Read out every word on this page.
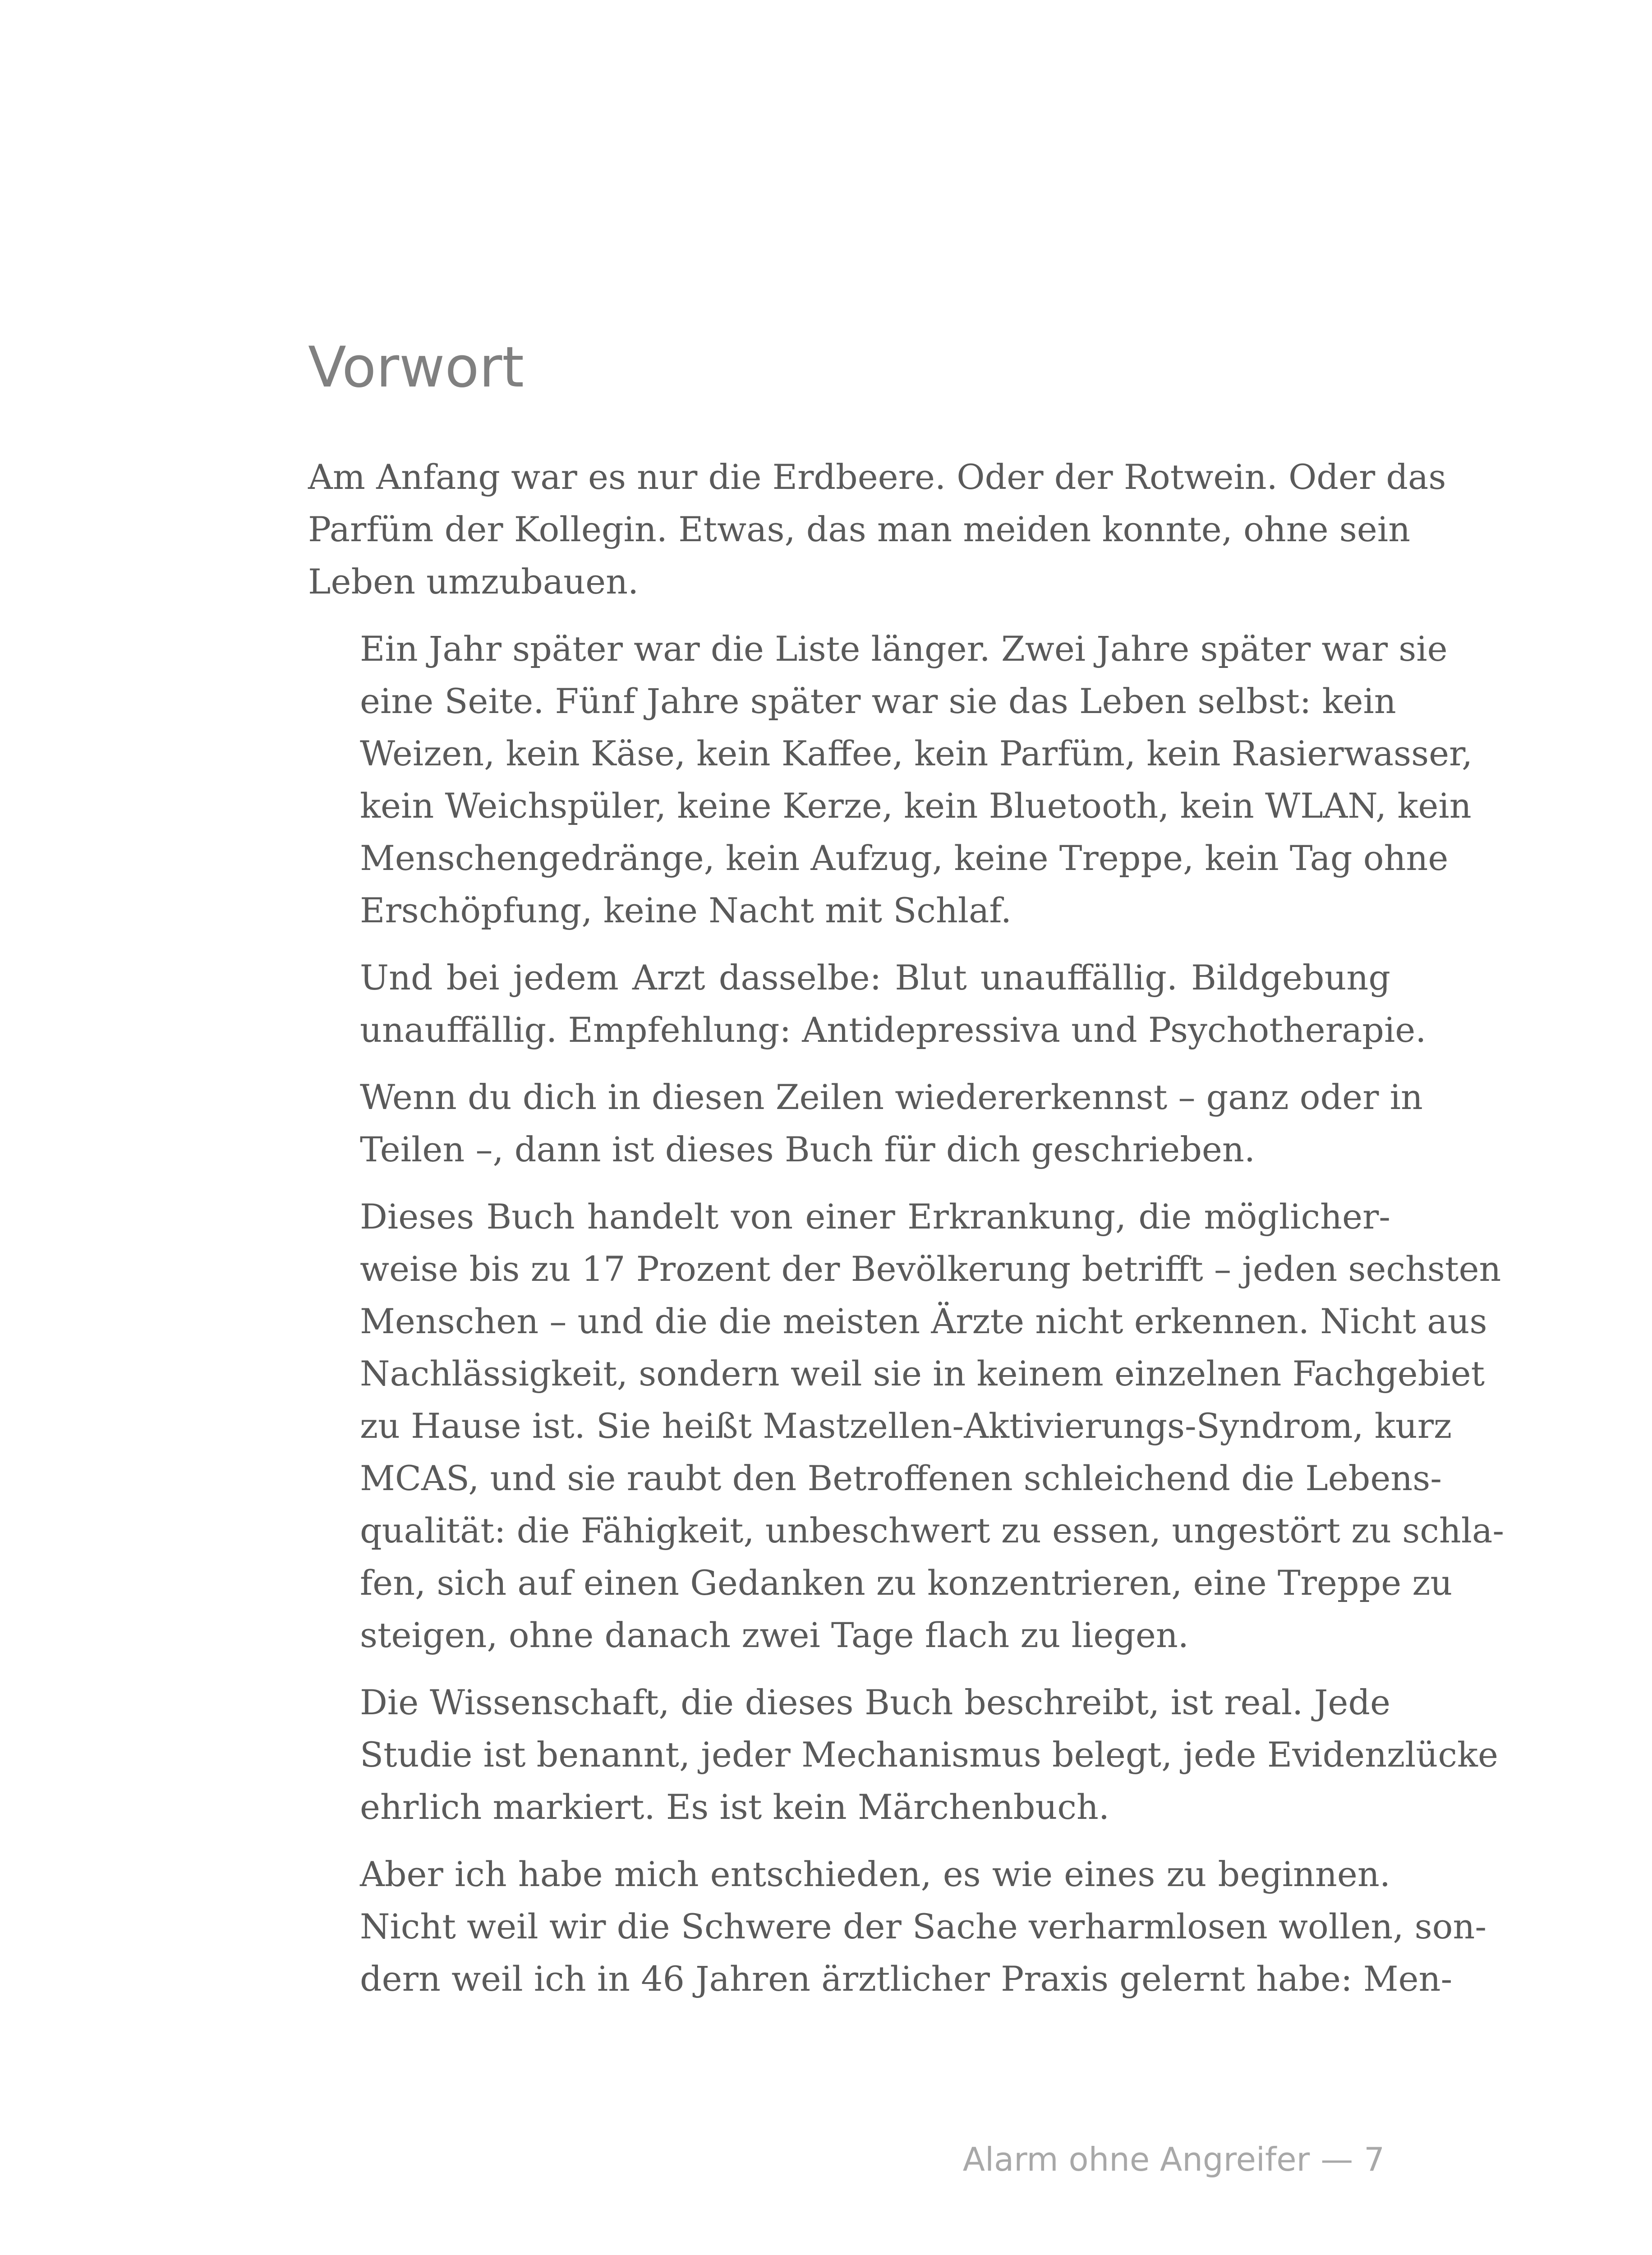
Vorwort

Am Anfang war es nur die Erdbeere. Oder der Rotwein. Oder das
Parfüm der Kollegin. Etwas, das man meiden konnte, ohne sein
Leben umzubauen.

Ein Jahr später war die Liste länger. Zwei Jahre später war sie
eine Seite. Fünf Jahre später war sie das Leben selbst: kein
Weizen, kein Käse, kein Kaffee, kein Parfüm, kein Rasierwasser,
kein Weichspüler, keine Kerze, kein Bluetooth, kein WLAN, kein
Menschengedränge, kein Aufzug, keine Treppe, kein Tag ohne
Erschöpfung, keine Nacht mit Schlaf.

Und bei jedem Arzt dasselbe: Blut unauffällig. Bildgebung
unauffällig. Empfehlung: Antidepressiva und Psychotherapie.

Wenn du dich in diesen Zeilen wiedererkennst – ganz oder in
Teilen –, dann ist dieses Buch für dich geschrieben.

Dieses Buch handelt von einer Erkrankung, die möglicher-
weise bis zu 17 Prozent der Bevölkerung betrifft – jeden sechsten
Menschen – und die die meisten Ärzte nicht erkennen. Nicht aus
Nachlässigkeit, sondern weil sie in keinem einzelnen Fachgebiet
zu Hause ist. Sie heißt Mastzellen-Aktivierungs-Syndrom, kurz
MCAS, und sie raubt den Betroffenen schleichend die Lebens-
qualität: die Fähigkeit, unbeschwert zu essen, ungestört zu schla-
fen, sich auf einen Gedanken zu konzentrieren, eine Treppe zu
steigen, ohne danach zwei Tage flach zu liegen.

Die Wissenschaft, die dieses Buch beschreibt, ist real. Jede
Studie ist benannt, jeder Mechanismus belegt, jede Evidenzlücke
ehrlich markiert. Es ist kein Märchenbuch.

Aber ich habe mich entschieden, es wie eines zu beginnen.
Nicht weil wir die Schwere der Sache verharmlosen wollen, son-
dern weil ich in 46 Jahren ärztlicher Praxis gelernt habe: Men-

Alarm ohne Angreifer — 7
